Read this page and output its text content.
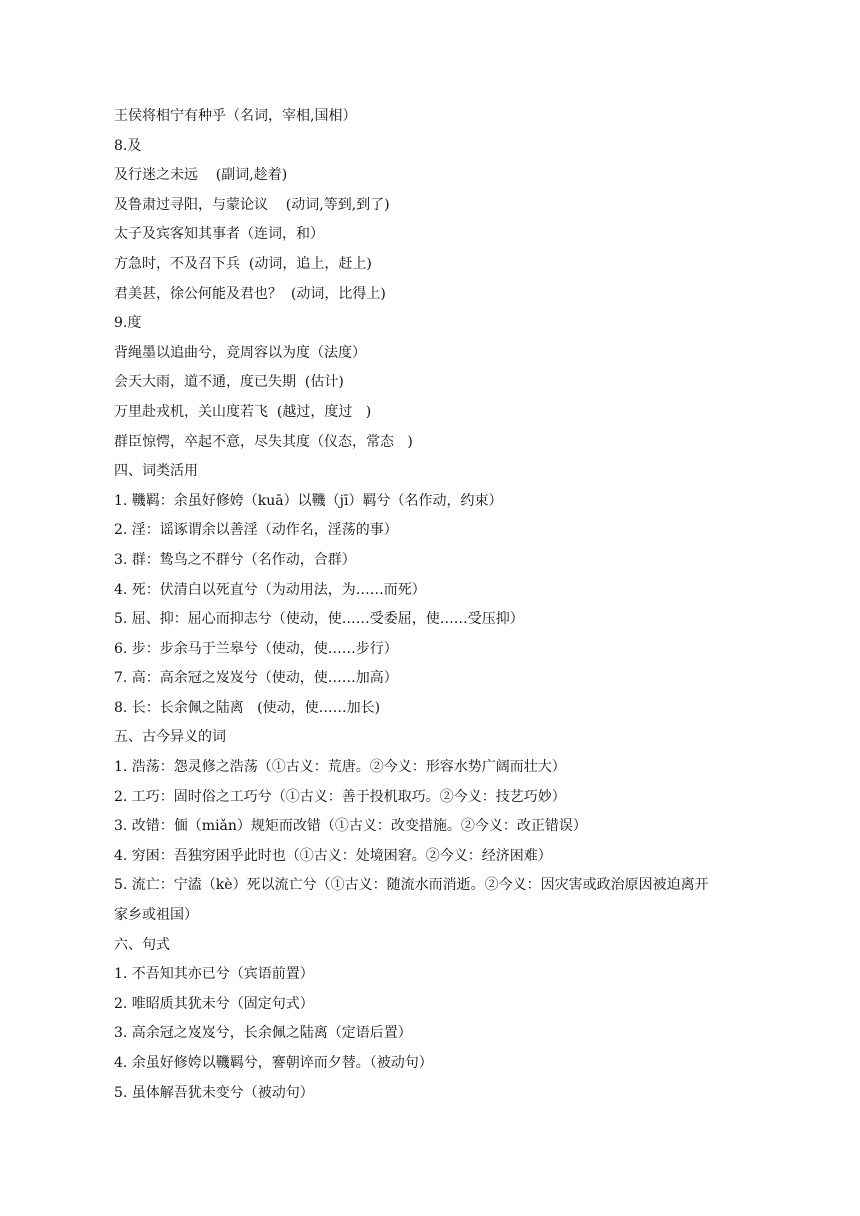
王侯将相宁有种乎（名词，宰相,国相）
8.及
及行迷之未远    (副词,趁着)
及鲁肃过寻阳，与蒙论议    (动词,等到,到了)
太子及宾客知其事者（连词，和）
方急时，不及召下兵  (动词，追上，赶上)
君美甚，徐公何能及君也？  (动词，比得上)
9.度
背绳墨以追曲兮，竞周容以为度（法度）
会天大雨，道不通，度已失期  (估计)
万里赴戎机，关山度若飞  (越过，度过   )
群臣惊愕，卒起不意，尽失其度（仪态，常态   )
四、词类活用
1. 鞿羁：余虽好修姱（kuā）以鞿（jī）羁兮（名作动，约束）
2. 淫：谣诼谓余以善淫（动作名，淫荡的事）
3. 群：鸷鸟之不群兮（名作动，合群）
4. 死：伏清白以死直兮（为动用法，为……而死）
5. 屈、抑：屈心而抑志兮（使动，使……受委屈，使……受压抑）
6. 步：步余马于兰皋兮（使动，使……步行）
7. 高：高余冠之岌岌兮（使动，使……加高）
8. 长：长余佩之陆离   (使动，使……加长)
五、古今异义的词
1. 浩荡：怨灵修之浩荡（①古义：荒唐。②今义：形容水势广阔而壮大）
2. 工巧：固时俗之工巧兮（①古义：善于投机取巧。②今义：技艺巧妙）
3. 改错：偭（miǎn）规矩而改错（①古义：改变措施。②今义：改正错误）
4. 穷困：吾独穷困乎此时也（①古义：处境困窘。②今义：经济困难）
5. 流亡：宁溘（kè）死以流亡兮（①古义：随流水而消逝。②今义：因灾害或政治原因被迫离开
家乡或祖国）
六、句式
1. 不吾知其亦已兮（宾语前置）
2. 唯昭质其犹未兮（固定句式）
3. 高余冠之岌岌兮，长余佩之陆离（定语后置）
4. 余虽好修姱以鞿羁兮，謇朝谇而夕替。（被动句）
5. 虽体解吾犹未变兮（被动句）
